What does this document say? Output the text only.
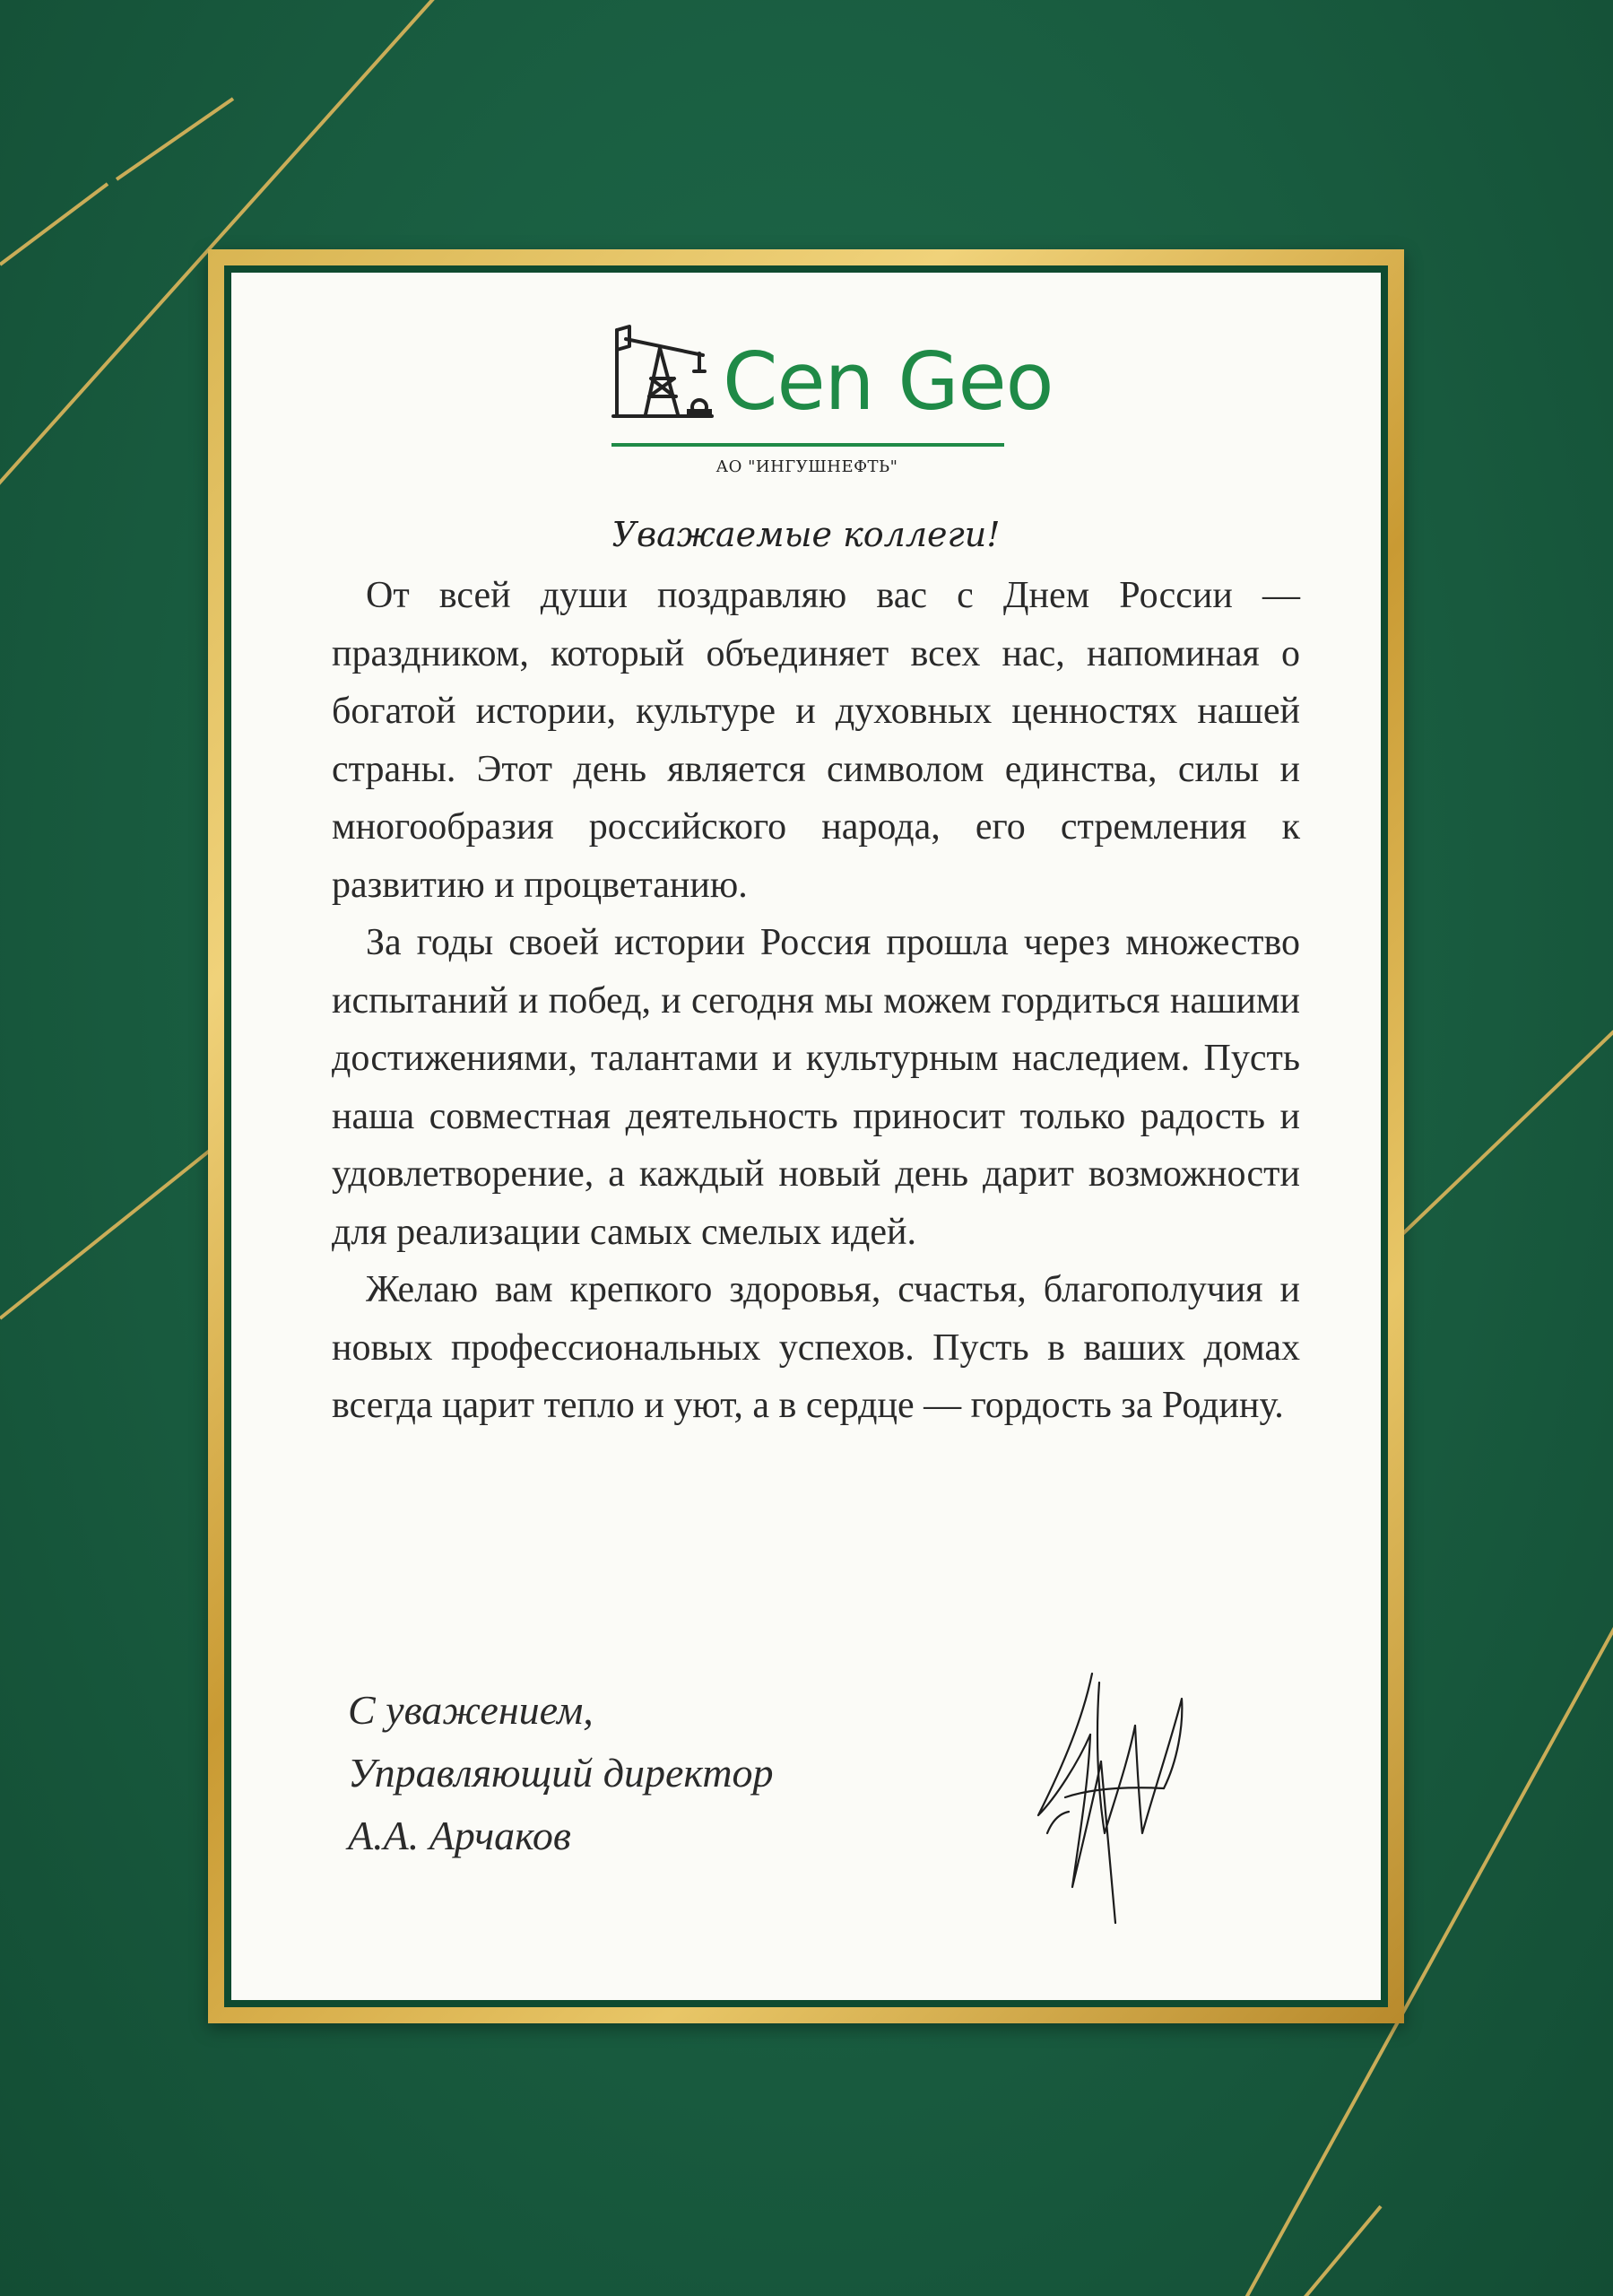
Cen Geo
АО "ИНГУШНЕФТЬ"
Уважаемые коллеги!

От всей души поздравляю вас с Днем России — праздником, который объединяет всех нас, напоминая о богатой истории, культуре и духовных ценностях нашей страны. Этот день является символом единства, силы и многообразия российского народа, его стремления к развитию и процветанию.

За годы своей истории Россия прошла через множество испытаний и побед, и сегодня мы можем гордиться нашими достижениями, талантами и культурным наследием. Пусть наша совместная деятельность приносит только радость и удовлетворение, а каждый новый день дарит возможности для реализации самых смелых идей.

Желаю вам крепкого здоровья, счастья, благополучия и новых профессиональных успехов. Пусть в ваших домах всегда царит тепло и уют, а в сердце — гордость за Родину.

С уважением,
Управляющий директор
А.А. Арчаков
